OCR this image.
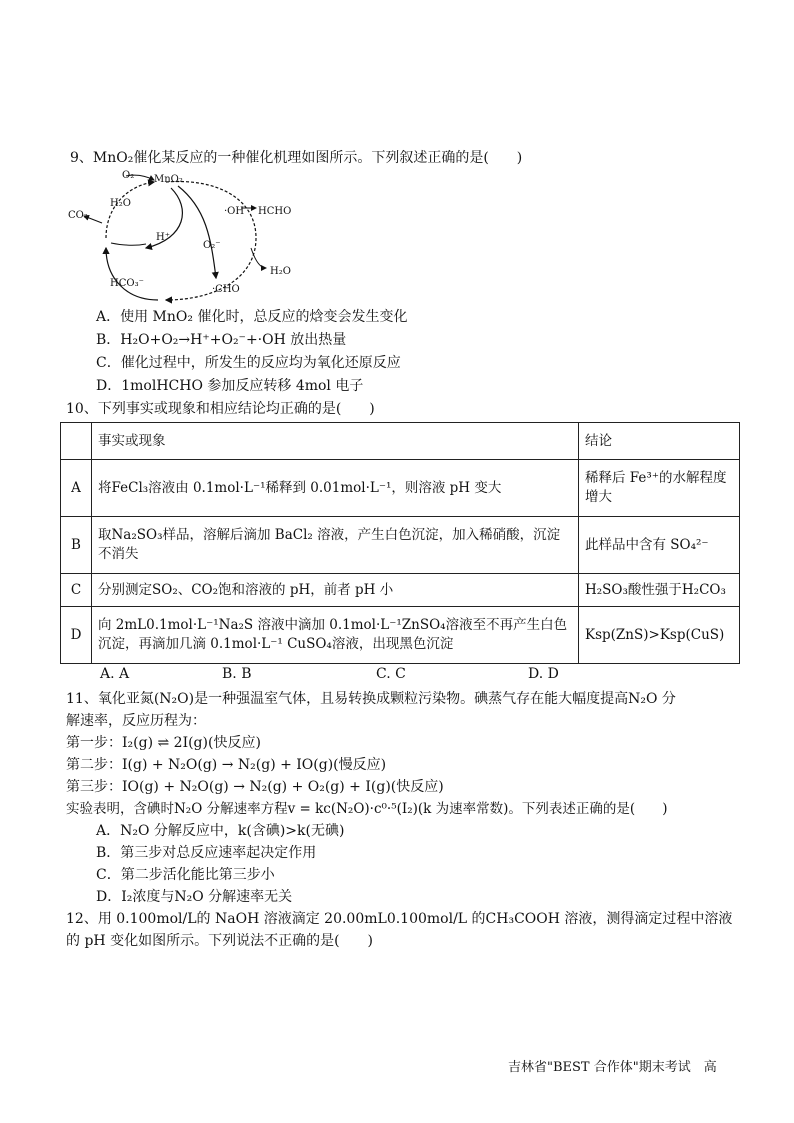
9、MnO₂催化某反应的一种催化机理如图所示。下列叙述正确的是(　　)
O₂ MnO₂
H₂O
CO₂
H⁺
O₂⁻
·OH HCHO
H₂O
HCO₃⁻
·CHO
A．使用 MnO₂ 催化时，总反应的焓变会发生变化
B．H₂O+O₂→H⁺+O₂⁻+·OH 放出热量
C．催化过程中，所发生的反应均为氧化还原反应
D．1molHCHO 参加反应转移 4mol 电子
10、下列事实或现象和相应结论均正确的是(　　)
	事实或现象	结论
A	将FeCl₃溶液由 0.1mol·L⁻¹稀释到 0.01mol·L⁻¹，则溶液 pH 变大	稀释后 Fe³⁺的水解程度增大
B	取Na₂SO₃样品，溶解后滴加 BaCl₂ 溶液，产生白色沉淀，加入稀硝酸，沉淀不消失	此样品中含有 SO₄²⁻
C	分别测定SO₂、CO₂饱和溶液的 pH，前者 pH 小	H₂SO₃酸性强于H₂CO₃
D	向 2mL0.1mol·L⁻¹Na₂S 溶液中滴加 0.1mol·L⁻¹ZnSO₄溶液至不再产生白色沉淀，再滴加几滴 0.1mol·L⁻¹ CuSO₄溶液，出现黑色沉淀	Ksp(ZnS)>Ksp(CuS)
A. A	B. B	C. C	D. D
11、氧化亚氮(N₂O)是一种强温室气体，且易转换成颗粒污染物。碘蒸气存在能大幅度提高N₂O 分
解速率，反应历程为：
第一步：I₂(g) ⇌ 2I(g)(快反应)
第二步：I(g) + N₂O(g) → N₂(g) + IO(g)(慢反应)
第三步：IO(g) + N₂O(g) → N₂(g) + O₂(g) + I(g)(快反应)
实验表明，含碘时N₂O 分解速率方程v = kc(N₂O)·c⁰·⁵(I₂)(k 为速率常数)。下列表述正确的是(　　)
A．N₂O 分解反应中，k(含碘)>k(无碘)
B．第三步对总反应速率起决定作用
C．第二步活化能比第三步小
D．I₂浓度与N₂O 分解速率无关
12、用 0.100mol/L的 NaOH 溶液滴定 20.00mL0.100mol/L 的CH₃COOH 溶液，测得滴定过程中溶液
的 pH 变化如图所示。下列说法不正确的是(　　)
吉林省"BEST 合作体"期末考试　高
